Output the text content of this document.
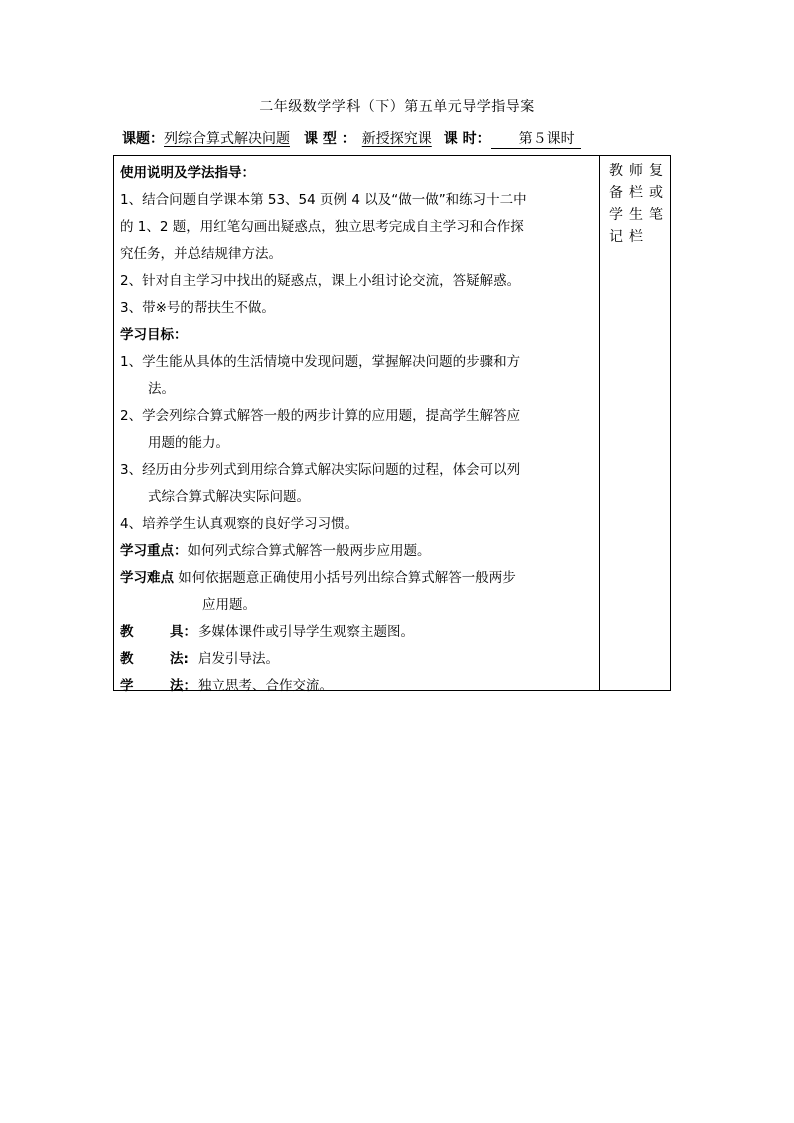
二年级数学学科（下）第五单元导学指导案
课题：列综合算式解决问题 课 型 ： 新授探究课 课 时： 第５课时
使用说明及学法指导：
1、结合问题自学课本第 53、54 页例 4 以及“做一做”和练习十二中
的 1、2 题，用红笔勾画出疑惑点，独立思考完成自主学习和合作探
究任务，并总结规律方法。
2、针对自主学习中找出的疑惑点，课上小组讨论交流，答疑解惑。
3、带※号的帮扶生不做。
学习目标：
1、学生能从具体的生活情境中发现问题，掌握解决问题的步骤和方
法。
2、学会列综合算式解答一般的两步计算的应用题，提高学生解答应
用题的能力。
3、经历由分步列式到用综合算式解决实际问题的过程，体会可以列
式综合算式解决实际问题。
4、培养学生认真观察的良好学习习惯。
学习重点：如何列式综合算式解答一般两步应用题。
学习难点 如何依据题意正确使用小括号列出综合算式解答一般两步
应用题。
教	具：多媒体课件或引导学生观察主题图。
教	法: 启发引导法。
学	法：独立思考、合作交流。
教 师 复
备 栏 或
学 生 笔
记 栏
